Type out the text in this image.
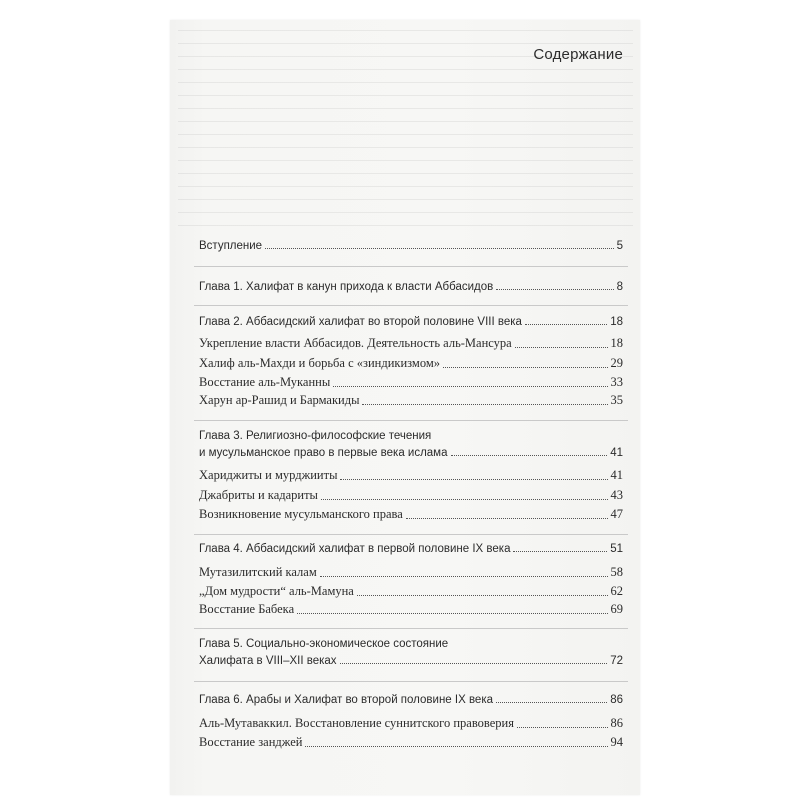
Содержание
Вступление	5
Глава 1. Халифат в канун прихода к власти Аббасидов	8
Глава 2. Аббасидский халифат во второй половине VIII века	18
Укрепление власти Аббасидов. Деятельность аль-Мансура	18
Халиф аль-Махди и борьба с «зиндикизмом»	29
Восстание аль-Муканны	33
Харун ар-Рашид и Бармакиды	35
Глава 3. Религиозно-философские течения
и мусульманское право в первые века ислама	41
Хариджиты и мурджииты	41
Джабриты и кадариты	43
Возникновение мусульманского права	47
Глава 4. Аббасидский халифат в первой половине IX века	51
Мутазилитский калам	58
„Дом мудрости“ аль-Мамуна	62
Восстание Бабека	69
Глава 5. Социально-экономическое состояние
Халифата в VIII–XII веках	72
Глава 6. Арабы и Халифат во второй половине IX века	86
Аль-Мутаваккил. Восстановление суннитского правоверия	86
Восстание занджей	94
